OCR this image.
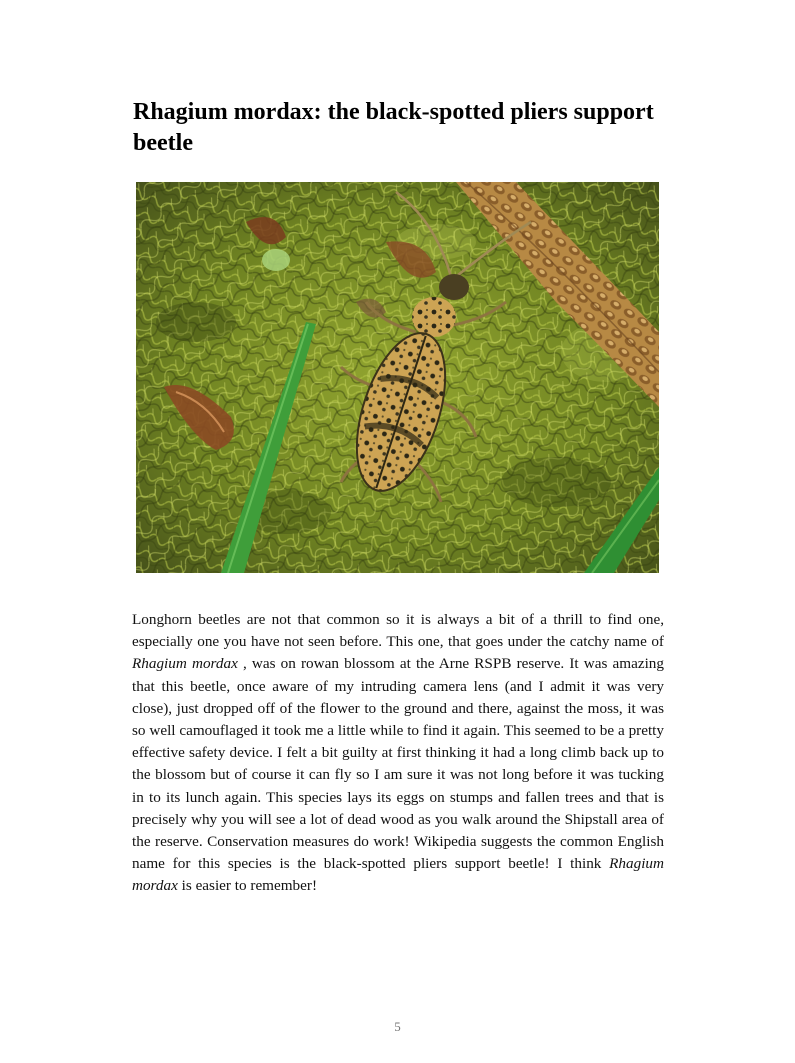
Rhagium mordax: the black-spotted pliers support beetle

Longhorn beetles are not that common so it is always a bit of a thrill to find one, especially one you have not seen before. This one, that goes under the catchy name of Rhagium mordax , was on rowan blossom at the Arne RSPB reserve. It was amazing that this beetle, once aware of my intruding camera lens (and I admit it was very close), just dropped off of the flower to the ground and there, against the moss, it was so well camouflaged it took me a little while to find it again. This seemed to be a pretty effective safety device. I felt a bit guilty at first thinking it had a long climb back up to the blossom but of course it can fly so I am sure it was not long before it was tucking in to its lunch again. This species lays its eggs on stumps and fallen trees and that is precisely why you will see a lot of dead wood as you walk around the Shipstall area of the reserve. Conservation measures do work! Wikipedia suggests the common English name for this species is the black-spotted pliers support beetle! I think Rhagium mordax is easier to remember!

5
